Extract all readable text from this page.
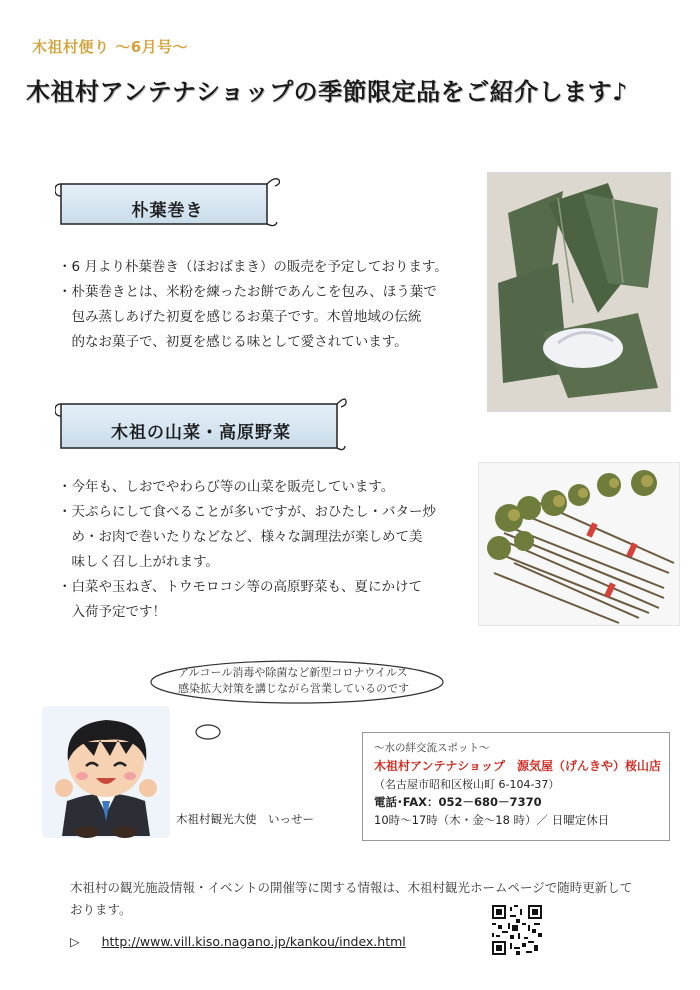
木祖村便り ～6月号～
木祖村アンテナショップの季節限定品をご紹介します♪
朴葉巻き

・6 月より朴葉巻き（ほおばまき）の販売を予定しております。

・朴葉巻きとは、米粉を練ったお餅であんこを包み、ほう葉で

　包み蒸しあげた初夏を感じるお菓子です。木曽地域の伝統

　的なお菓子で、初夏を感じる味として愛されています。

木祖の山菜・高原野菜

・今年も、しおでやわらび等の山菜を販売しています。

・天ぷらにして食べることが多いですが、おひたし・バター炒

　め・お肉で巻いたりなどなど、様々な調理法が楽しめて美

　味しく召し上がれます。

・白菜や玉ねぎ、トウモロコシ等の高原野菜も、夏にかけて

　入荷予定です！

アルコール消毒や除菌など新型コロナウイルス
感染拡大対策を講じながら営業しているのです
木祖村観光大使　いっせー
～水の絆交流スポット～
木祖村アンテナショップ　源気屋（げんきや）桜山店
（名古屋市昭和区桜山町 6-104-37）
電話･FAX：052－680－7370
10時～17時（木・金～18 時）／ 日曜定休日
木祖村の観光施設情報・イベントの開催等に関する情報は、木祖村観光ホームページで随時更新しております。
▷ http://www.vill.kiso.nagano.jp/kankou/index.html
